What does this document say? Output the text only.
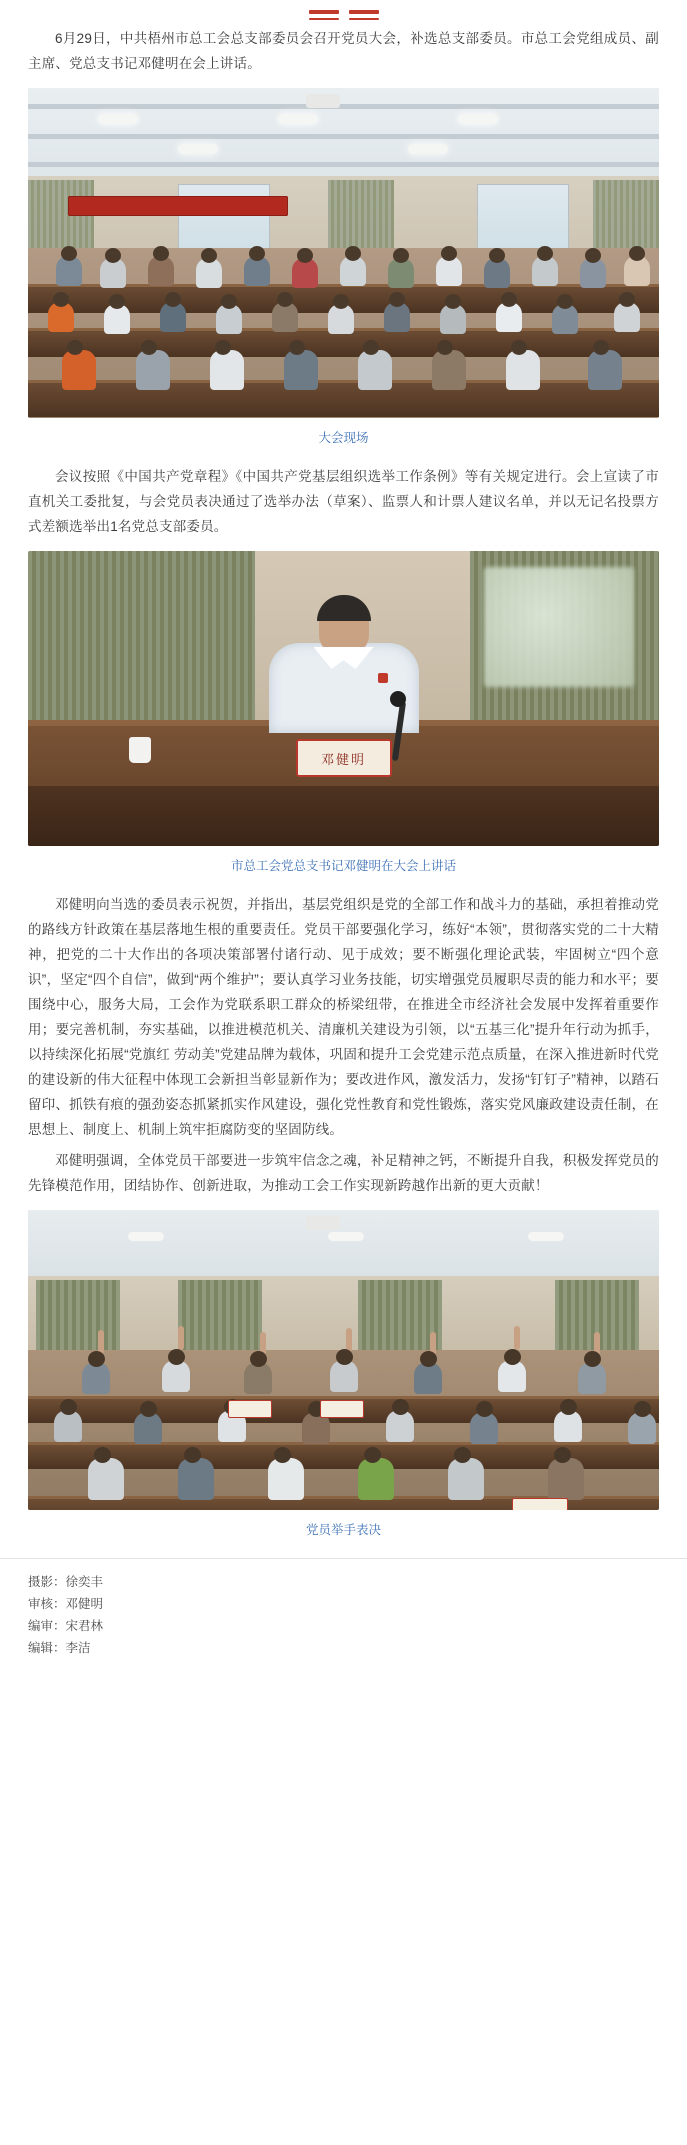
6月29日，中共梧州市总工会总支部委员会召开党员大会，补选总支部委员。市总工会党组成员、副主席、党总支书记邓健明在会上讲话。

大会现场

会议按照《中国共产党章程》《中国共产党基层组织选举工作条例》等有关规定进行。会上宣读了市直机关工委批复，与会党员表决通过了选举办法（草案）、监票人和计票人建议名单，并以无记名投票方式差额选举出1名党总支部委员。

邓健明
市总工会党总支书记邓健明在大会上讲话

邓健明向当选的委员表示祝贺，并指出，基层党组织是党的全部工作和战斗力的基础，承担着推动党的路线方针政策在基层落地生根的重要责任。党员干部要强化学习，练好“本领”，贯彻落实党的二十大精神，把党的二十大作出的各项决策部署付诸行动、见于成效；要不断强化理论武装，牢固树立“四个意识”，坚定“四个自信”，做到“两个维护”；要认真学习业务技能，切实增强党员履职尽责的能力和水平；要围绕中心，服务大局，工会作为党联系职工群众的桥梁纽带，在推进全市经济社会发展中发挥着重要作用；要完善机制，夯实基础，以推进模范机关、清廉机关建设为引领，以“五基三化”提升年行动为抓手，以持续深化拓展“党旗红 劳动美”党建品牌为载体，巩固和提升工会党建示范点质量，在深入推进新时代党的建设新的伟大征程中体现工会新担当彰显新作为；要改进作风，激发活力，发扬“钉钉子”精神，以踏石留印、抓铁有痕的强劲姿态抓紧抓实作风建设，强化党性教育和党性锻炼，落实党风廉政建设责任制，在思想上、制度上、机制上筑牢拒腐防变的坚固防线。

邓健明强调，全体党员干部要进一步筑牢信念之魂，补足精神之钙，不断提升自我，积极发挥党员的先锋模范作用，团结协作、创新进取，为推动工会工作实现新跨越作出新的更大贡献！

党员举手表决

摄影：徐奕丰

审核：邓健明

编审：宋君林

编辑：李洁
